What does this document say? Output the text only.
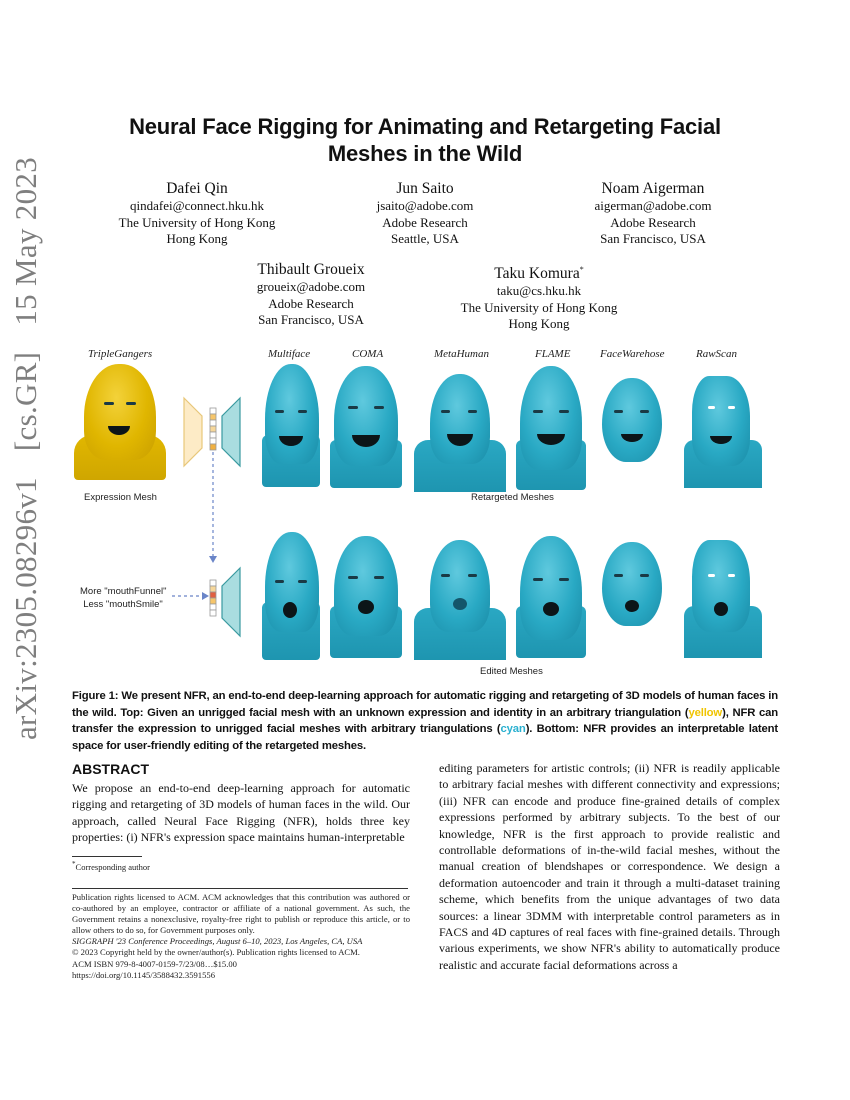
arXiv:2305.08296v1 [cs.GR] 15 May 2023
Neural Face Rigging for Animating and Retargeting Facial
Meshes in the Wild
Dafei Qin
qindafei@connect.hku.hk
The University of Hong Kong
Hong Kong
Jun Saito
jsaito@adobe.com
Adobe Research
Seattle, USA
Noam Aigerman
aigerman@adobe.com
Adobe Research
San Francisco, USA
Thibault Groueix
groueix@adobe.com
Adobe Research
San Francisco, USA
Taku Komura*
taku@cs.hku.hk
The University of Hong Kong
Hong Kong
TripleGangers	Multiface	COMA	MetaHuman	FLAME	FaceWarehose	RawScan
Expression Mesh	Retargeted Meshes
More "mouthFunnel"
Less "mouthSmile"
Edited Meshes
Figure 1: We present NFR, an end-to-end deep-learning approach for automatic rigging and retargeting of 3D models of human faces in the wild. Top: Given an unrigged facial mesh with an unknown expression and identity in an arbitrary triangulation (yellow), NFR can transfer the expression to unrigged facial meshes with arbitrary triangulations (cyan). Bottom: NFR provides an interpretable latent space for user-friendly editing of the retargeted meshes.
ABSTRACT
We propose an end-to-end deep-learning approach for automatic rigging and retargeting of 3D models of human faces in the wild. Our approach, called Neural Face Rigging (NFR), holds three key properties: (i) NFR's expression space maintains human-interpretable
*Corresponding author
Publication rights licensed to ACM. ACM acknowledges that this contribution was authored or co-authored by an employee, contractor or affiliate of a national government. As such, the Government retains a nonexclusive, royalty-free right to publish or reproduce this article, or to allow others to do so, for Government purposes only.
SIGGRAPH '23 Conference Proceedings, August 6–10, 2023, Los Angeles, CA, USA
© 2023 Copyright held by the owner/author(s). Publication rights licensed to ACM.
ACM ISBN 979-8-4007-0159-7/23/08…$15.00
https://doi.org/10.1145/3588432.3591556
editing parameters for artistic controls; (ii) NFR is readily applicable to arbitrary facial meshes with different connectivity and expressions; (iii) NFR can encode and produce fine-grained details of complex expressions performed by arbitrary subjects. To the best of our knowledge, NFR is the first approach to provide realistic and controllable deformations of in-the-wild facial meshes, without the manual creation of blendshapes or correspondence. We design a deformation autoencoder and train it through a multi-dataset training scheme, which benefits from the unique advantages of two data sources: a linear 3DMM with interpretable control parameters as in FACS and 4D captures of real faces with fine-grained details. Through various experiments, we show NFR's ability to automatically produce realistic and accurate facial deformations across a
